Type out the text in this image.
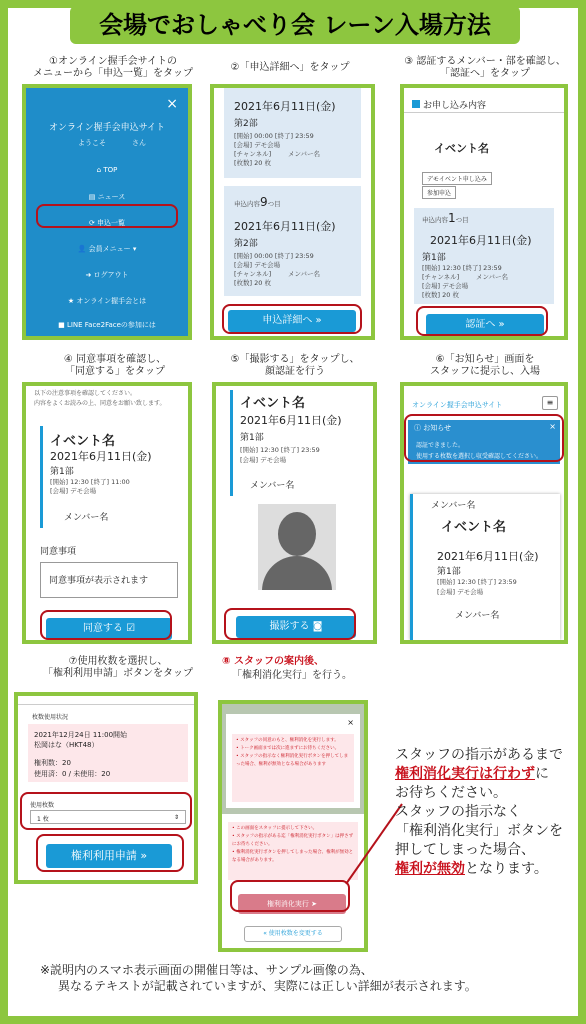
会場でおしゃべり会 レーン入場方法
①オンライン握手会サイトの
メニューから「申込一覧」をタップ
②「申込詳細へ」をタップ
③ 認証するメンバー・部を確認し、
「認証へ」をタップ
④ 同意事項を確認し、
「同意する」をタップ
⑤「撮影する」をタップし、
顔認証を行う
⑥「お知らせ」画面を
スタッフに提示し、入場
⑦使用枚数を選択し、
「権利利用申請」ボタンをタップ
⑧ スタッフの案内後、
「権利消化実行」を行う。
×
オンライン握手会申込サイト
ようこそ	さん
⌂ TOP
▤ ニュース
⟳ 申込一覧
👤 会員メニュー ▾
➜ ログアウト
★ オンライン握手会とは
■ LINE Face2Faceの参加には
2021年6月11日(金)
第2部
[開始] 00:00 [終了] 23:59
[会場] デモ会場
[チャンネル]	メンバー名
[枚数] 20 枚
申込内容9つ目
2021年6月11日(金)
第2部
[開始] 00:00 [終了] 23:59
[会場] デモ会場
[チャンネル]	メンバー名
[枚数] 20 枚
申込詳細へ »
お申し込み内容
イベント名
デモイベント申し込み
参加申込
申込内容1つ目
2021年6月11日(金)
第1部
[開始] 12:30 [終了] 23:59
[チャンネル]	メンバー名
[会場] デモ会場
[枚数] 20 枚
認証へ »
以下の注意事項を確認してください。
内容をよくお読みの上、同意をお願い致します。
イベント名
2021年6月11日(金)
第1部
[開始] 12:30 [終了] 11:00
[会場] デモ会場
メンバー名
同意事項
同意事項が表示されます
同意する ☑
イベント名
2021年6月11日(金)
第1部
[開始] 12:30 [終了] 23:59
[会場] デモ会場
メンバー名
撮影する ◙
オンライン握手会申込サイト	≡
ⓘ お知らせ	×
認証できました。
使用する枚数を選択し収受確認してください。
メンバー名
イベント名
2021年6月11日(金)
第1部
[開始] 12:30 [終了] 23:59
[会場] デモ会場
メンバー名
枚数使用状況
2021年12月24日 11:00開始
松岡はな（HKT48）
権利数：20
使用済：0 / 未使用：20
使用枚数
1 枚	⇕
権利利用申請 »
×
• スタッフの同意のもと、権利消化を実行します。
• トーク画面までは次に進まずにお待ちください。
• スタッフの指示なく権利消化実行ボタンを押してしまった場合、権利が無効となる場合があります
• この画面をスタッフに提示して下さい。
• スタッフの指示がある迄「権利消化実行ボタン」は押さずにお待ちください。
• 権利消化実行ボタンを押してしまった場合、権利が無効となる場合があります。
権利消化実行 ➤
« 使用枚数を変更する
スタッフの指示があるまで
権利消化実行は行わずに
お待ちください。
スタッフの指示なく
「権利消化実行」ボタンを
押してしまった場合、
権利が無効となります。
※説明内のスマホ表示画面の開催日等は、サンプル画像の為、
異なるテキストが記載されていますが、実際には正しい詳細が表示されます。
